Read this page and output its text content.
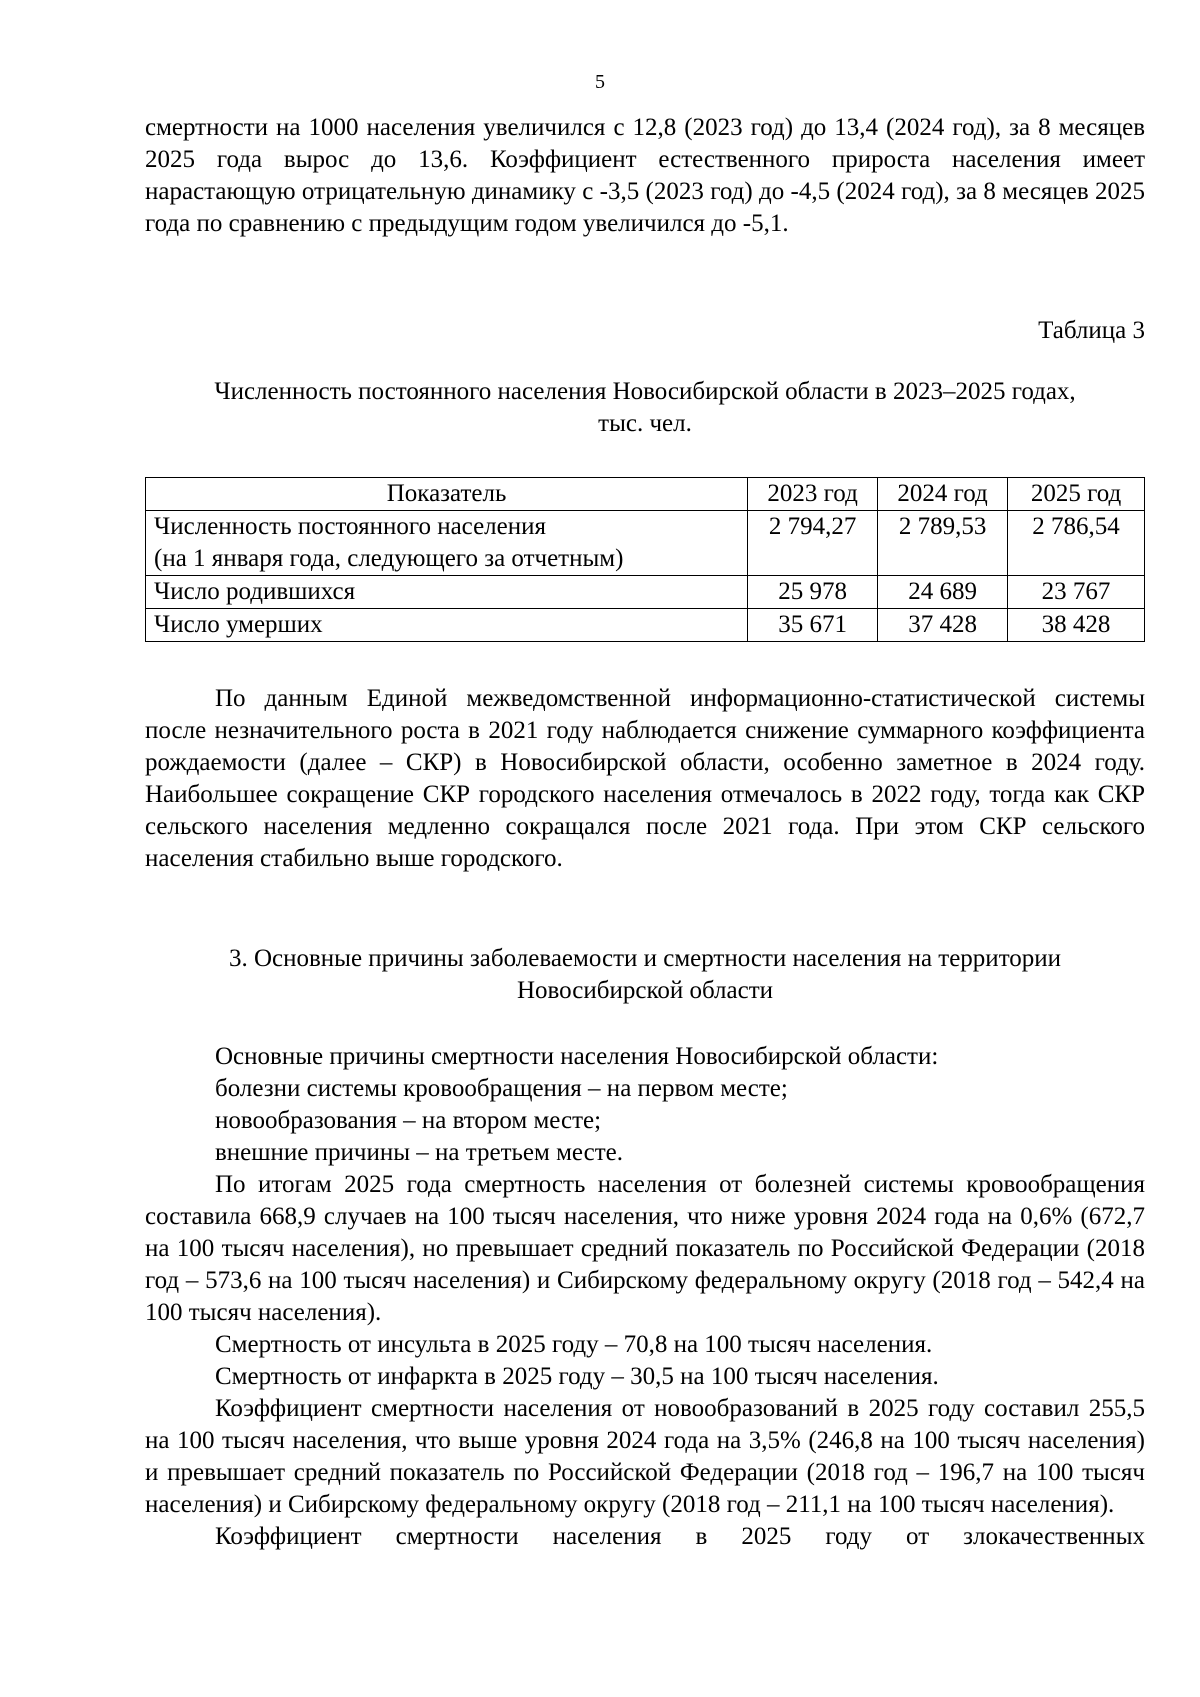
5

смертности на 1000 населения увеличился с 12,8 (2023 год) до 13,4 (2024 год), за 8 месяцев 2025 года вырос до 13,6. Коэффициент естественного прироста населения имеет нарастающую отрицательную динамику с -3,5 (2023 год) до -4,5 (2024 год), за 8 месяцев 2025 года по сравнению с предыдущим годом увеличился до -5,1.

Таблица 3

Численность постоянного населения Новосибирской области в 2023–2025 годах,

тыс. чел.

Показатель	2023 год	2024 год	2025 год

Численность постоянного населения
(на 1 января года, следующего за отчетным)	2 794,27	2 789,53	2 786,54
Число родившихся	25 978	24 689	23 767
Число умерших	35 671	37 428	38 428

По данным Единой межведомственной информационно-статистической системы после незначительного роста в 2021 году наблюдается снижение суммарного коэффициента рождаемости (далее – СКР) в Новосибирской области, особенно заметное в 2024 году. Наибольшее сокращение СКР городского населения отмечалось в 2022 году, тогда как СКР сельского населения медленно сокращался после 2021 года. При этом СКР сельского населения стабильно выше городского.

3. Основные причины заболеваемости и смертности населения на территории

Новосибирской области

Основные причины смертности населения Новосибирской области:

болезни системы кровообращения – на первом месте;

новообразования – на втором месте;

внешние причины – на третьем месте.

По итогам 2025 года смертность населения от болезней системы кровообращения составила 668,9 случаев на 100 тысяч населения, что ниже уровня 2024 года на 0,6% (672,7 на 100 тысяч населения), но превышает средний показатель по Российской Федерации (2018 год – 573,6 на 100 тысяч населения) и Сибирскому федеральному округу (2018 год – 542,4 на 100 тысяч населения).

Смертность от инсульта в 2025 году – 70,8 на 100 тысяч населения.

Смертность от инфаркта в 2025 году – 30,5 на 100 тысяч населения.

Коэффициент смертности населения от новообразований в 2025 году составил 255,5 на 100 тысяч населения, что выше уровня 2024 года на 3,5% (246,8 на 100 тысяч населения) и превышает средний показатель по Российской Федерации (2018 год – 196,7 на 100 тысяч населения) и Сибирскому федеральному округу (2018 год – 211,1 на 100 тысяч населения).

Коэффициент смертности населения в 2025 году от злокачественных
